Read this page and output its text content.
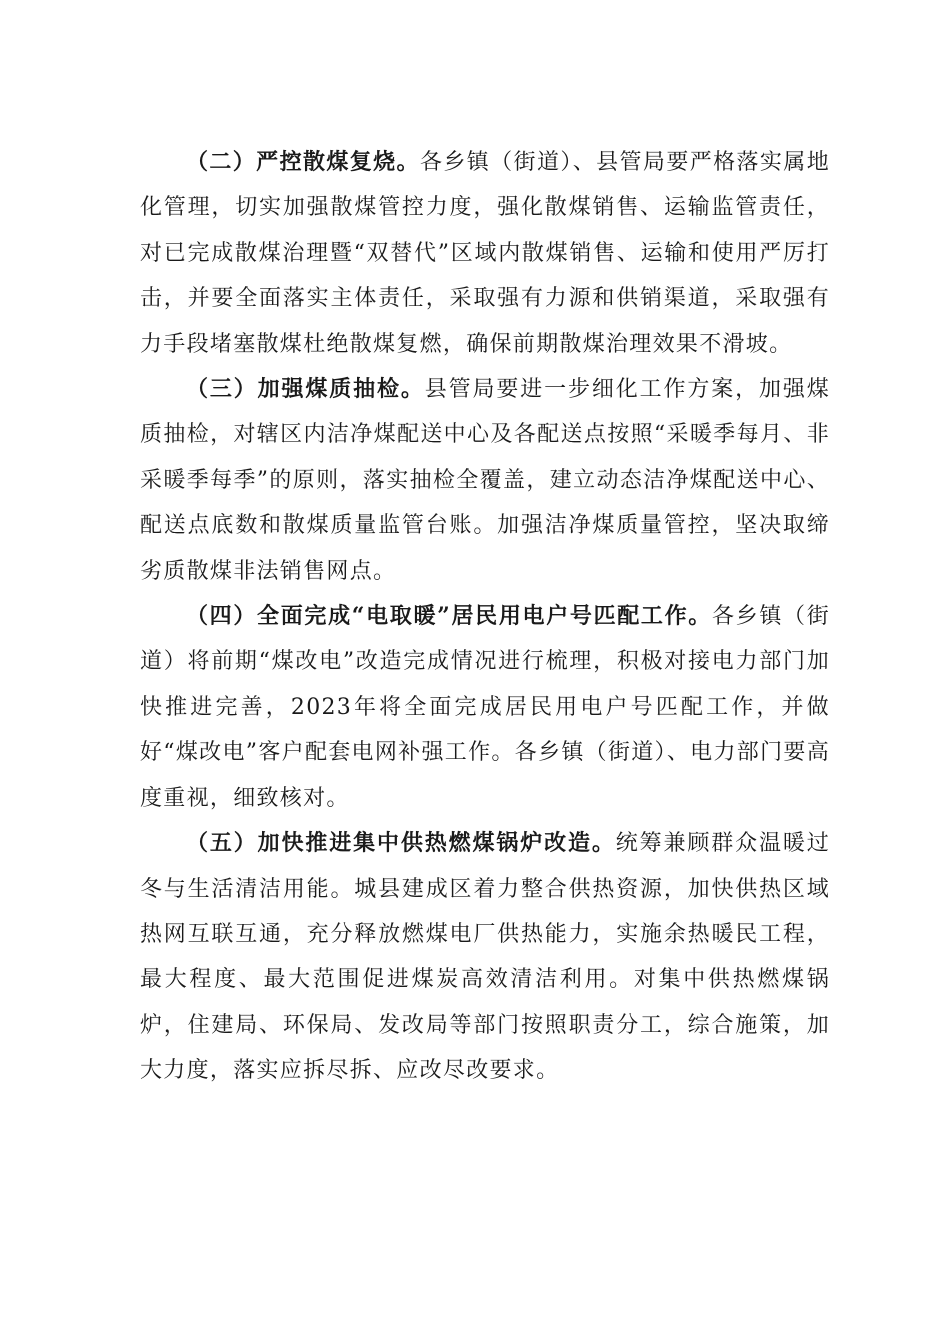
（二）严控散煤复烧。各乡镇（街道）、县管局要严格落实属地化管理，切实加强散煤管控力度，强化散煤销售、运输监管责任，对已完成散煤治理暨“双替代”区域内散煤销售、运输和使用严厉打击，并要全面落实主体责任，采取强有力源和供销渠道，采取强有力手段堵塞散煤杜绝散煤复燃，确保前期散煤治理效果不滑坡。

（三）加强煤质抽检。县管局要进一步细化工作方案，加强煤质抽检，对辖区内洁净煤配送中心及各配送点按照“采暖季每月、非采暖季每季”的原则，落实抽检全覆盖，建立动态洁净煤配送中心、配送点底数和散煤质量监管台账。加强洁净煤质量管控，坚决取缔劣质散煤非法销售网点。

（四）全面完成“电取暖”居民用电户号匹配工作。各乡镇（街道）将前期“煤改电”改造完成情况进行梳理，积极对接电力部门加快推进完善，2023年将全面完成居民用电户号匹配工作，并做好“煤改电”客户配套电网补强工作。各乡镇（街道）、电力部门要高度重视，细致核对。

（五）加快推进集中供热燃煤锅炉改造。统筹兼顾群众温暖过冬与生活清洁用能。城县建成区着力整合供热资源，加快供热区域热网互联互通，充分释放燃煤电厂供热能力，实施余热暖民工程，最大程度、最大范围促进煤炭高效清洁利用。对集中供热燃煤锅炉，住建局、环保局、发改局等部门按照职责分工，综合施策，加大力度，落实应拆尽拆、应改尽改要求。
